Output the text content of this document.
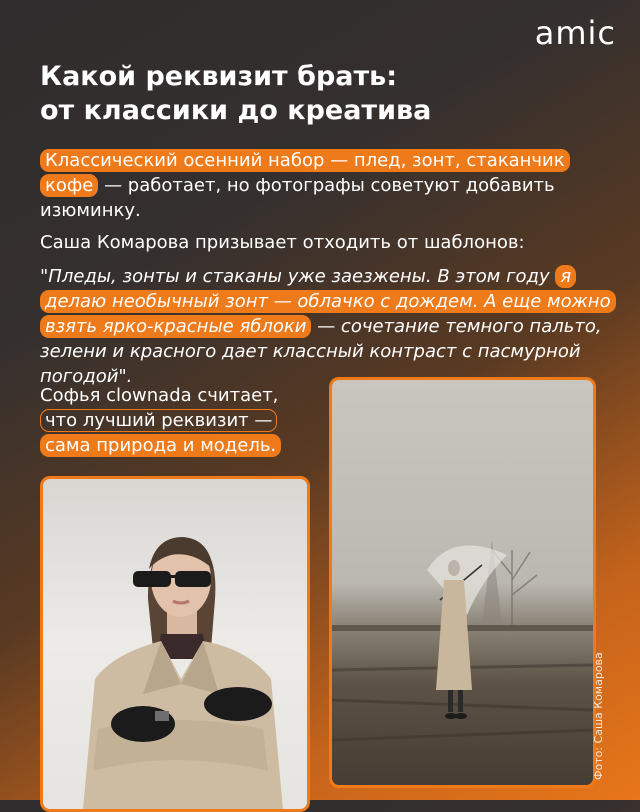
amic
Какой реквизит брать:
от классики до креатива

Классический осенний набор — плед, зонт, стаканчик кофе — работает, но фотографы советуют добавить изюминку.

Саша Комарова призывает отходить от шаблонов:

"Пледы, зонты и стаканы уже заезжены. В этом году я делаю необычный зонт — облачко с дождем. А еще можно взять ярко-красные яблоки — сочетание темного пальто, зелени и красного дает классный контраст с пасмурной погодой".

Софья clownada считает, что лучший реквизит —
сама природа и модель.

Фото: Саша Комарова
